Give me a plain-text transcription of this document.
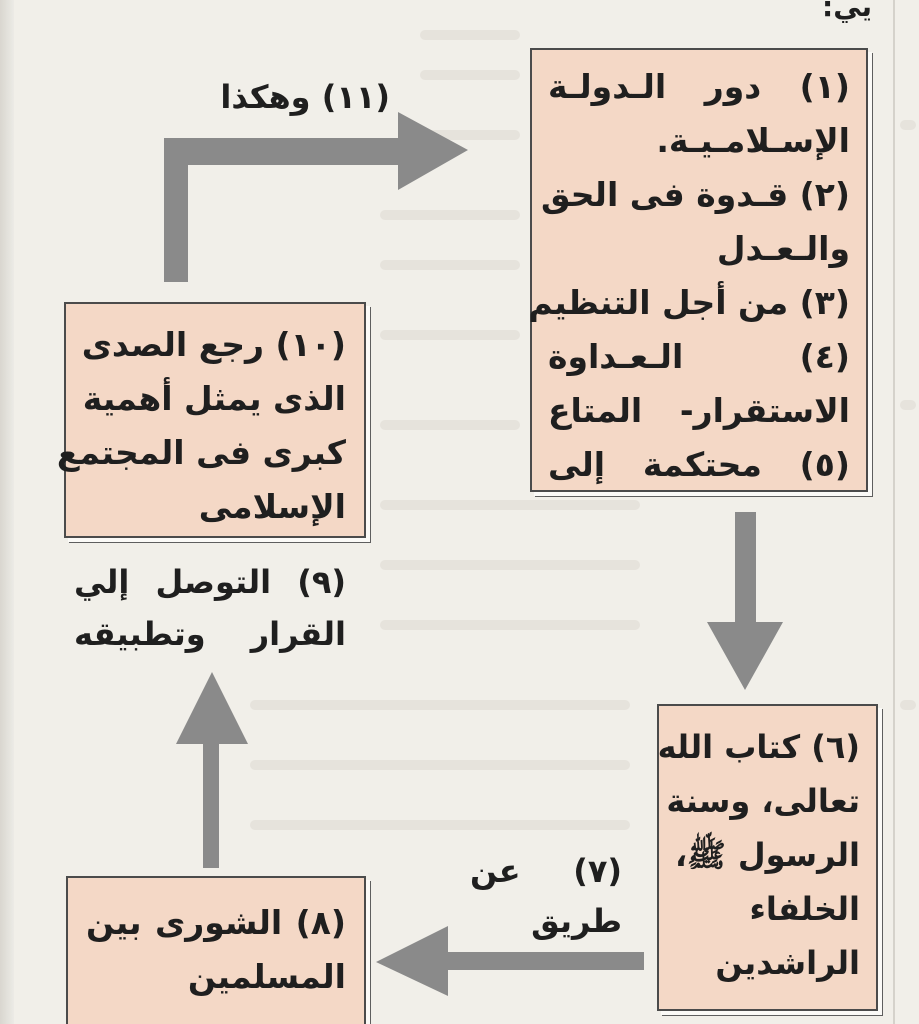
يي:
(١) دور الـدولـة
الإسـلامـيـة.
(٢) قـدوة فى الحق
والـعـدل
(٣) من أجل التنظيم
(٤) الـعـداوة
الاستقرار- المتاع
(٥) محتكمة إلى
(٦) كتاب الله
تعالى، وسنة
الرسول ﷺ،
الخلفاء
الراشدين
(٧) عن
طريق
(٨) الشورى بين
المسلمين
(٩) التوصل إلي
القرار وتطبيقه
(١٠) رجع الصدى
الذى يمثل أهمية
كبرى فى المجتمع
الإسلامى
(١١) وهكذا
